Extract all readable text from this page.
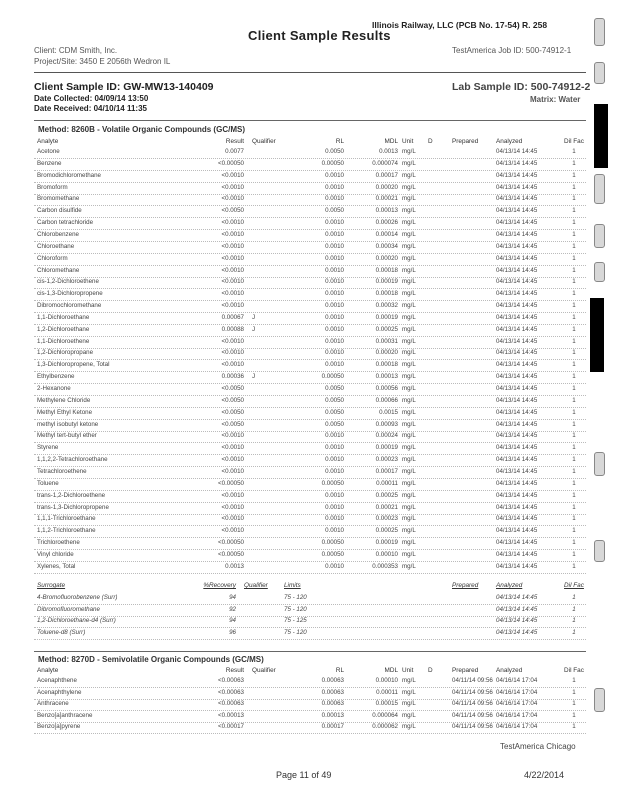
Client Sample Results
Illinois Railway, LLC (PCB No. 17-54) R. 258
Client: CDM Smith, Inc.
Project/Site: 3450 E 2056th Wedron IL
TestAmerica Job ID: 500-74912-1
Client Sample ID: GW-MW13-140409
Date Collected: 04/09/14 13:50
Date Received: 04/10/14 11:35
Lab Sample ID: 500-74912-2
Matrix: Water
Method: 8260B - Volatile Organic Compounds (GC/MS)
Analyte	Result Qualifier	RL	MDL Unit D	Prepared	Analyzed	Dil Fac
Acetone	0.0077	0.0050	0.0013 mg/L	04/13/14 14:45	1
Benzene	<0.00050	0.00050	0.000074 mg/L	04/13/14 14:45	1
Bromodichloromethane	<0.0010	0.0010	0.00017 mg/L	04/13/14 14:45	1
Bromoform	<0.0010	0.0010	0.00020 mg/L	04/13/14 14:45	1
Bromomethane	<0.0010	0.0010	0.00021 mg/L	04/13/14 14:45	1
Carbon disulfide	<0.0050	0.0050	0.00013 mg/L	04/13/14 14:45	1
Carbon tetrachloride	<0.0010	0.0010	0.00026 mg/L	04/13/14 14:45	1
Chlorobenzene	<0.0010	0.0010	0.00014 mg/L	04/13/14 14:45	1
Chloroethane	<0.0010	0.0010	0.00034 mg/L	04/13/14 14:45	1
Chloroform	<0.0010	0.0010	0.00020 mg/L	04/13/14 14:45	1
Chloromethane	<0.0010	0.0010	0.00018 mg/L	04/13/14 14:45	1
cis-1,2-Dichloroethene	<0.0010	0.0010	0.00019 mg/L	04/13/14 14:45	1
cis-1,3-Dichloropropene	<0.0010	0.0010	0.00018 mg/L	04/13/14 14:45	1
Dibromochloromethane	<0.0010	0.0010	0.00032 mg/L	04/13/14 14:45	1
1,1-Dichloroethane	0.00067 J	0.0010	0.00019 mg/L	04/13/14 14:45	1
1,2-Dichloroethane	0.00088 J	0.0010	0.00025 mg/L	04/13/14 14:45	1
1,1-Dichloroethene	<0.0010	0.0010	0.00031 mg/L	04/13/14 14:45	1
1,2-Dichloropropane	<0.0010	0.0010	0.00020 mg/L	04/13/14 14:45	1
1,3-Dichloropropene, Total	<0.0010	0.0010	0.00018 mg/L	04/13/14 14:45	1
Ethylbenzene	0.00036 J	0.00050	0.00013 mg/L	04/13/14 14:45	1
2-Hexanone	<0.0050	0.0050	0.00056 mg/L	04/13/14 14:45	1
Methylene Chloride	<0.0050	0.0050	0.00066 mg/L	04/13/14 14:45	1
Methyl Ethyl Ketone	<0.0050	0.0050	0.0015 mg/L	04/13/14 14:45	1
methyl isobutyl ketone	<0.0050	0.0050	0.00093 mg/L	04/13/14 14:45	1
Methyl tert-butyl ether	<0.0010	0.0010	0.00024 mg/L	04/13/14 14:45	1
Styrene	<0.0010	0.0010	0.00019 mg/L	04/13/14 14:45	1
1,1,2,2-Tetrachloroethane	<0.0010	0.0010	0.00023 mg/L	04/13/14 14:45	1
Tetrachloroethene	<0.0010	0.0010	0.00017 mg/L	04/13/14 14:45	1
Toluene	<0.00050	0.00050	0.00011 mg/L	04/13/14 14:45	1
trans-1,2-Dichloroethene	<0.0010	0.0010	0.00025 mg/L	04/13/14 14:45	1
trans-1,3-Dichloropropene	<0.0010	0.0010	0.00021 mg/L	04/13/14 14:45	1
1,1,1-Trichloroethane	<0.0010	0.0010	0.00023 mg/L	04/13/14 14:45	1
1,1,2-Trichloroethane	<0.0010	0.0010	0.00025 mg/L	04/13/14 14:45	1
Trichloroethene	<0.00050	0.00050	0.00019 mg/L	04/13/14 14:45	1
Vinyl chloride	<0.00050	0.00050	0.00010 mg/L	04/13/14 14:45	1
Xylenes, Total	0.0013	0.0010	0.000353 mg/L	04/13/14 14:45	1
Surrogate	%Recovery Qualifier	Limits	Prepared	Analyzed	Dil Fac
4-Bromofluorobenzene (Surr)	94	75 - 120	04/13/14 14:45	1
Dibromofluoromethane	92	75 - 120	04/13/14 14:45	1
1,2-Dichloroethane-d4 (Surr)	94	75 - 125	04/13/14 14:45	1
Toluene-d8 (Surr)	96	75 - 120	04/13/14 14:45	1
Method: 8270D - Semivolatile Organic Compounds (GC/MS)
Analyte	Result Qualifier	RL	MDL Unit D	Prepared	Analyzed	Dil Fac
Acenaphthene	<0.00063	0.00063	0.00010 mg/L	04/11/14 09:56 04/16/14 17:04	1
Acenaphthylene	<0.00063	0.00063	0.00011 mg/L	04/11/14 09:56 04/16/14 17:04	1
Anthracene	<0.00063	0.00063	0.00015 mg/L	04/11/14 09:56 04/16/14 17:04	1
Benzo[a]anthracene	<0.00013	0.00013	0.000064 mg/L	04/11/14 09:56 04/16/14 17:04	1
Benzo[a]pyrene	<0.00017	0.00017	0.000062 mg/L	04/11/14 09:56 04/16/14 17:04	1
TestAmerica Chicago
Page 11 of 49	4/22/2014
